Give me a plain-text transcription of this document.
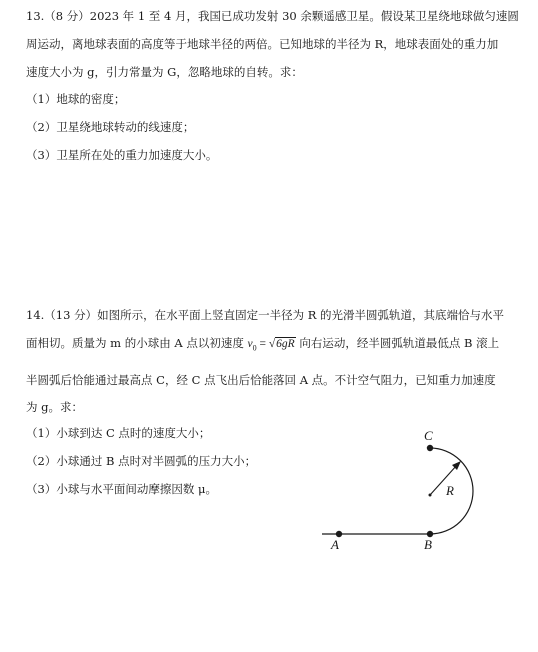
13.（8 分）2023 年 1 至 4 月，我国已成功发射 30 余颗遥感卫星。假设某卫星绕地球做匀速圆
周运动，离地球表面的高度等于地球半径的两倍。已知地球的半径为 R，地球表面处的重力加
速度大小为 g，引力常量为 G，忽略地球的自转。求：
（1）地球的密度；
（2）卫星绕地球转动的线速度；
（3）卫星所在处的重力加速度大小。
14.（13 分）如图所示，在水平面上竖直固定一半径为 R 的光滑半圆弧轨道，其底端恰与水平
面相切。质量为 m 的小球由 A 点以初速度 $v_0 = √6gR$ 向右运动，经半圆弧轨道最低点 B 滚上
半圆弧后恰能通过最高点 C，经 C 点飞出后恰能落回 A 点。不计空气阻力，已知重力加速度
为 g。求：
（1）小球到达 C 点时的速度大小；
（2）小球通过 B 点时对半圆弧的压力大小；
（3）小球与水平面间动摩擦因数 μ。
A	B
C
R
